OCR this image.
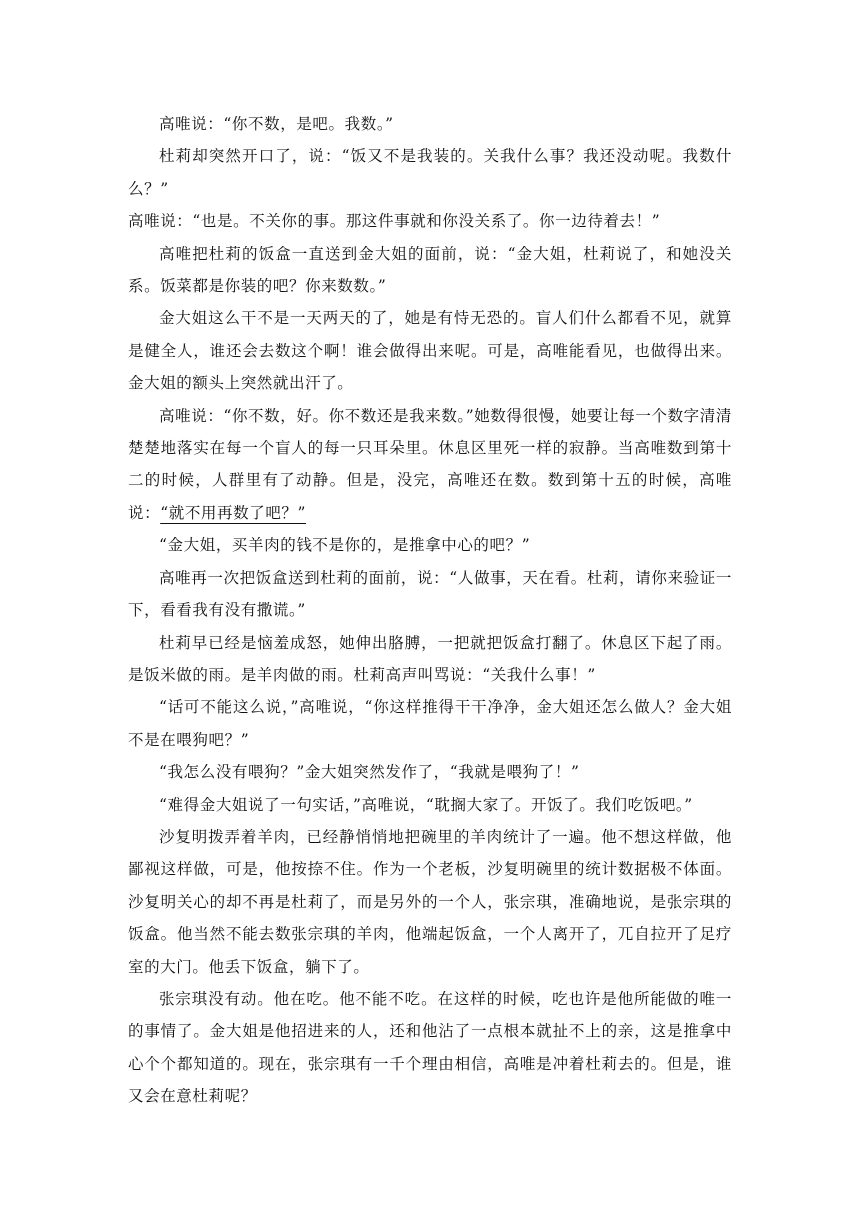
高唯说：“你不数，是吧。我数。”

杜莉却突然开口了，说：“饭又不是我装的。关我什么事？我还没动呢。我数什么？”

高唯说：“也是。不关你的事。那这件事就和你没关系了。你一边待着去！”

高唯把杜莉的饭盒一直送到金大姐的面前，说：“金大姐，杜莉说了，和她没关系。饭菜都是你装的吧？你来数数。”

金大姐这么干不是一天两天的了，她是有恃无恐的。盲人们什么都看不见，就算是健全人，谁还会去数这个啊！谁会做得出来呢。可是，高唯能看见，也做得出来。金大姐的额头上突然就出汗了。

高唯说：“你不数，好。你不数还是我来数。”她数得很慢，她要让每一个数字清清楚楚地落实在每一个盲人的每一只耳朵里。休息区里死一样的寂静。当高唯数到第十二的时候，人群里有了动静。但是，没完，高唯还在数。数到第十五的时候，高唯说：“就不用再数了吧？”

“金大姐，买羊肉的钱不是你的，是推拿中心的吧？”

高唯再一次把饭盒送到杜莉的面前，说：“人做事，天在看。杜莉，请你来验证一下，看看我有没有撒谎。”

杜莉早已经是恼羞成怒，她伸出胳膊，一把就把饭盒打翻了。休息区下起了雨。是饭米做的雨。是羊肉做的雨。杜莉高声叫骂说：“关我什么事！”

“话可不能这么说，”高唯说，“你这样推得干干净净，金大姐还怎么做人？金大姐不是在喂狗吧？”

“我怎么没有喂狗？”金大姐突然发作了，“我就是喂狗了！”

“难得金大姐说了一句实话，”高唯说，“耽搁大家了。开饭了。我们吃饭吧。”

沙复明拨弄着羊肉，已经静悄悄地把碗里的羊肉统计了一遍。他不想这样做，他鄙视这样做，可是，他按捺不住。作为一个老板，沙复明碗里的统计数据极不体面。沙复明关心的却不再是杜莉了，而是另外的一个人，张宗琪，准确地说，是张宗琪的饭盒。他当然不能去数张宗琪的羊肉，他端起饭盒，一个人离开了，兀自拉开了足疗室的大门。他丢下饭盒，躺下了。

张宗琪没有动。他在吃。他不能不吃。在这样的时候，吃也许是他所能做的唯一的事情了。金大姐是他招进来的人，还和他沾了一点根本就扯不上的亲，这是推拿中心个个都知道的。现在，张宗琪有一千个理由相信，高唯是冲着杜莉去的。但是，谁又会在意杜莉呢？
